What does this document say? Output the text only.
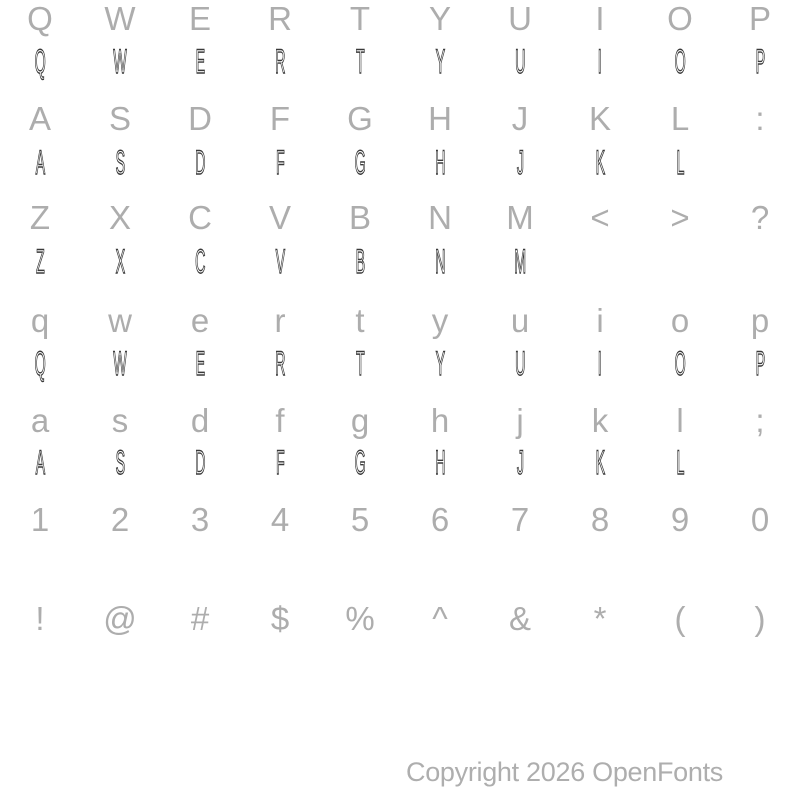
Q W E R T Y U I O P
Q W E R T Y U I O P
A S D F G H J K L :
A S D F G H J K L
Z X C V B N M < > ?
Z X C V B N M
q w e r t y u i o p
Q W E R T Y U I O P
a s d f g h j k l ;
A S D F G H J K L
1 2 3 4 5 6 7 8 9 0
! @ # $ % ^ & * ( )
Copyright 2026 OpenFonts
